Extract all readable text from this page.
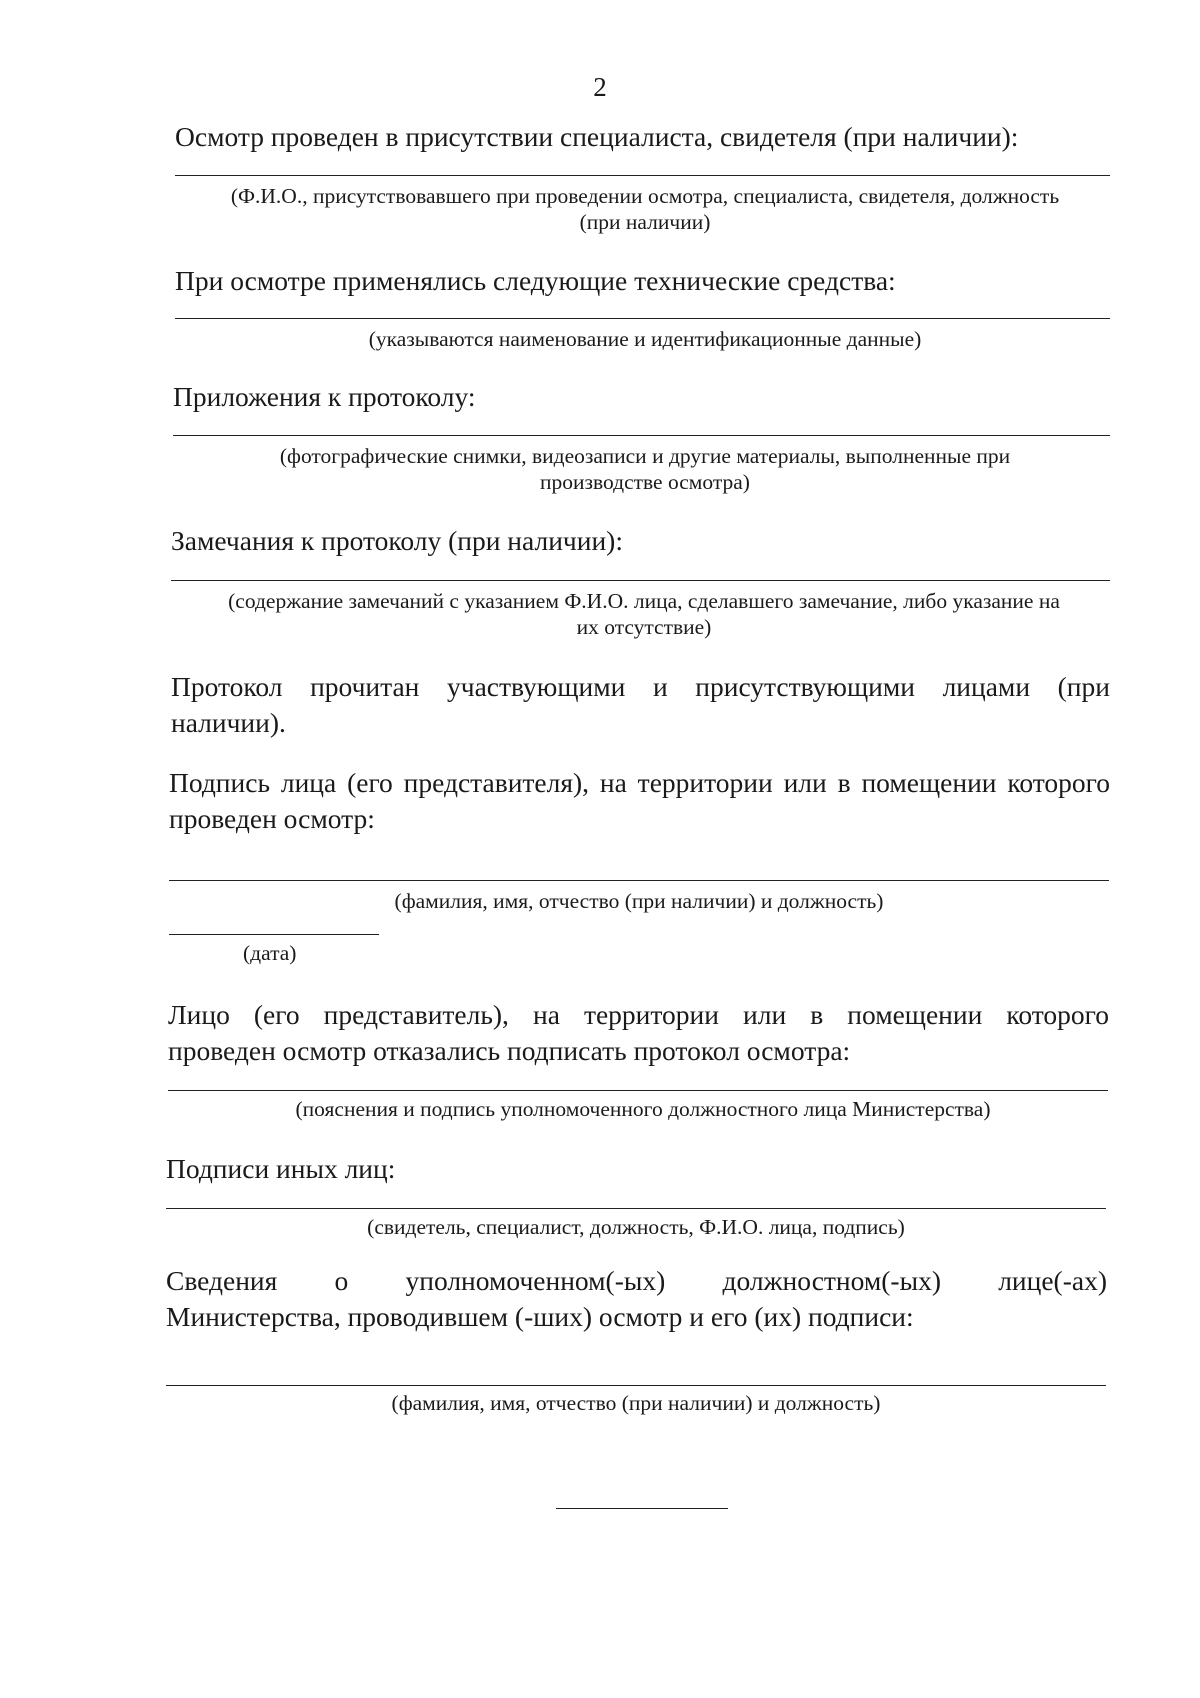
2
Осмотр проведен в присутствии специалиста, свидетеля (при наличии):
(Ф.И.О., присутствовавшего при проведении осмотра, специалиста, свидетеля, должность
(при наличии)
При осмотре применялись следующие технические средства:
(указываются наименование и идентификационные данные)
Приложения к протоколу:
(фотографические снимки, видеозаписи и другие материалы, выполненные при
производстве осмотра)
Замечания к протоколу (при наличии):
(содержание замечаний с указанием Ф.И.О. лица, сделавшего замечание, либо указание на
их отсутствие)
Протокол прочитан участвующими и присутствующими лицами (при
наличии).
Подпись лица (его представителя), на территории или в помещении которого
проведен осмотр:
(фамилия, имя, отчество (при наличии) и должность)
(дата)
Лицо (его представитель), на территории или в помещении которого
проведен осмотр отказались подписать протокол осмотра:
(пояснения и подпись уполномоченного должностного лица Министерства)
Подписи иных лиц:
(свидетель, специалист, должность, Ф.И.О. лица, подпись)
Сведения о уполномоченном(-ых) должностном(-ых) лице(-ах)
Министерства, проводившем (-ших) осмотр и его (их) подписи:
(фамилия, имя, отчество (при наличии) и должность)
